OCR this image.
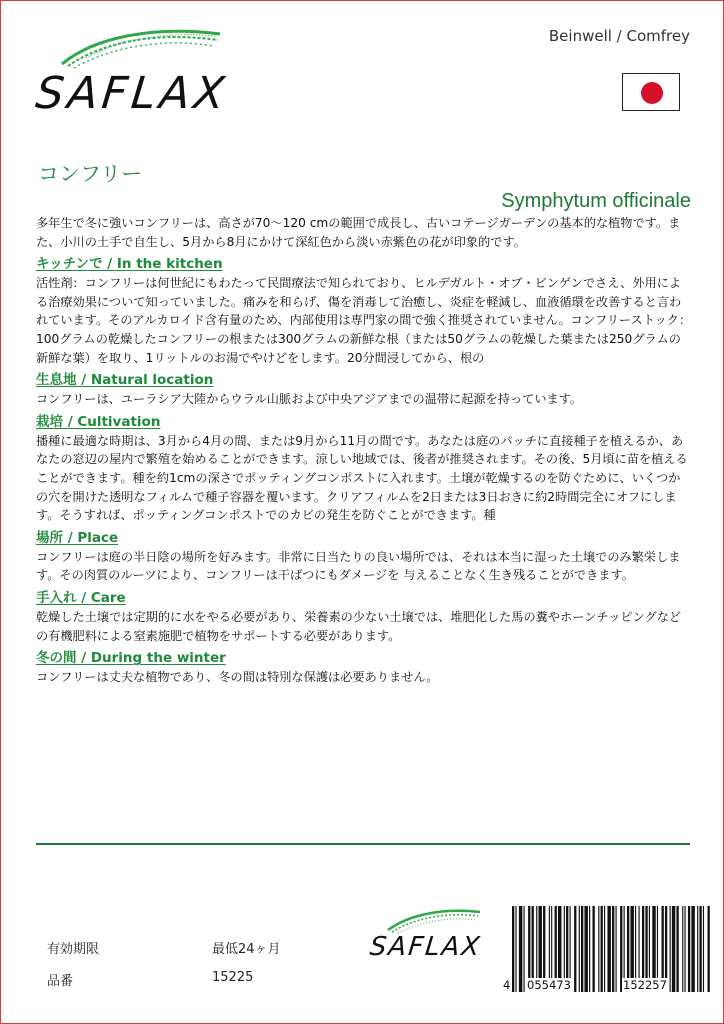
SAFLAX
Beinwell / Comfrey
コンフリー
Symphytum officinale

多年生で冬に強いコンフリーは、高さが70〜120 cmの範囲で成長し、古いコテージガーデンの基本的な植物です。また、小川の土手で自生し、5月から8月にかけて深紅色から淡い赤紫色の花が印象的です。

キッチンで / In the kitchen

活性剤：コンフリーは何世紀にもわたって民間療法で知られており、ヒルデガルト・オブ・ビンゲンでさえ、外用による治療効果について知っていました。痛みを和らげ、傷を消毒して治癒し、炎症を軽減し、血液循環を改善すると言われています。そのアルカロイド含有量のため、内部使用は専門家の間で強く推奨されていません。コンフリーストック：100グラムの乾燥したコンフリーの根または300グラムの新鮮な根（または50グラムの乾燥した葉または250グラムの新鮮な葉）を取り、1リットルのお湯でやけどをします。20分間浸してから、根の

生息地 / Natural location

コンフリーは、ユーラシア大陸からウラル山脈および中央アジアまでの温帯に起源を持っています。

栽培 / Cultivation

播種に最適な時期は、3月から4月の間、または9月から11月の間です。あなたは庭のパッチに直接種子を植えるか、あなたの窓辺の屋内で繁殖を始めることができます。涼しい地域では、後者が推奨されます。その後、5月頃に苗を植えることができます。種を約1cmの深さでポッティングコンポストに入れます。土壌が乾燥するのを防ぐために、いくつかの穴を開けた透明なフィルムで種子容器を覆います。クリアフィルムを2日または3日おきに約2時間完全にオフにします。そうすれば、ポッティングコンポストでのカビの発生を防ぐことができます。種

場所 / Place

コンフリーは庭の半日陰の場所を好みます。非常に日当たりの良い場所では、それは本当に湿った土壌でのみ繁栄します。その肉質のルーツにより、コンフリーは干ばつにもダメージを 与えることなく生き残ることができます。

手入れ / Care

乾燥した土壌では定期的に水をやる必要があり、栄養素の少ない土壌では、堆肥化した馬の糞やホーンチッピングなどの有機肥料による窒素施肥で植物をサポートする必要があります。

冬の間 / During the winter

コンフリーは丈夫な植物であり、冬の間は特別な保護は必要ありません。

有効期限	最低24ヶ月
品番	15225
SAFLAX
4 055473	152257
